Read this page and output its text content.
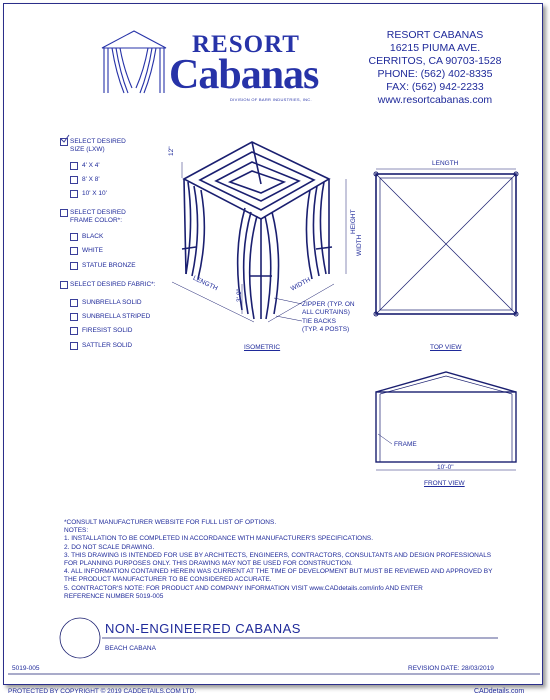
RESORT
Cabanas
DIVISION OF BARR INDUSTRIES, INC.
RESORT CABANAS
16215 PIUMA AVE.
CERRITOS, CA 90703-1528
PHONE: (562) 402-8335
FAX: (562) 942-2233
www.resortcabanas.com
SELECT DESIRED
SIZE (LXW)
4' X 4'
8' X 8'
10' X 10'
SELECT DESIRED
FRAME COLOR*:
BLACK
WHITE
STATUE BRONZE
SELECT DESIRED FABRIC*:
SUNBRELLA SOLID
SUNBRELLA STRIPED
FIRESIST SOLID
SATTLER SOLID
12"
LENGTH	WIDTH
HEIGHT
3'-0"
ZIPPER (TYP. ON
ALL CURTAINS)
TIE BACKS
(TYP. 4 POSTS)
ISOMETRIC
LENGTH
WIDTH
TOP VIEW
FRAME
10'-0"
FRONT VIEW
*CONSULT MANUFACTURER WEBSITE FOR FULL LIST OF OPTIONS.
NOTES:
1. INSTALLATION TO BE COMPLETED IN ACCORDANCE WITH MANUFACTURER'S SPECIFICATIONS.
2. DO NOT SCALE DRAWING.
3. THIS DRAWING IS INTENDED FOR USE BY ARCHITECTS, ENGINEERS, CONTRACTORS, CONSULTANTS AND DESIGN PROFESSIONALS
FOR PLANNING PURPOSES ONLY. THIS DRAWING MAY NOT BE USED FOR CONSTRUCTION.
4. ALL INFORMATION CONTAINED HEREIN WAS CURRENT AT THE TIME OF DEVELOPMENT BUT MUST BE REVIEWED AND APPROVED BY
THE PRODUCT MANUFACTURER TO BE CONSIDERED ACCURATE.
5. CONTRACTOR'S NOTE: FOR PRODUCT AND COMPANY INFORMATION VISIT www.CADdetails.com/info AND ENTER
REFERENCE NUMBER 5019-005
NON-ENGINEERED CABANAS
BEACH CABANA
5019-005	REVISION DATE: 28/03/2019
PROTECTED BY COPYRIGHT © 2019 CADDETAILS.COM LTD.	CADdetails.com
